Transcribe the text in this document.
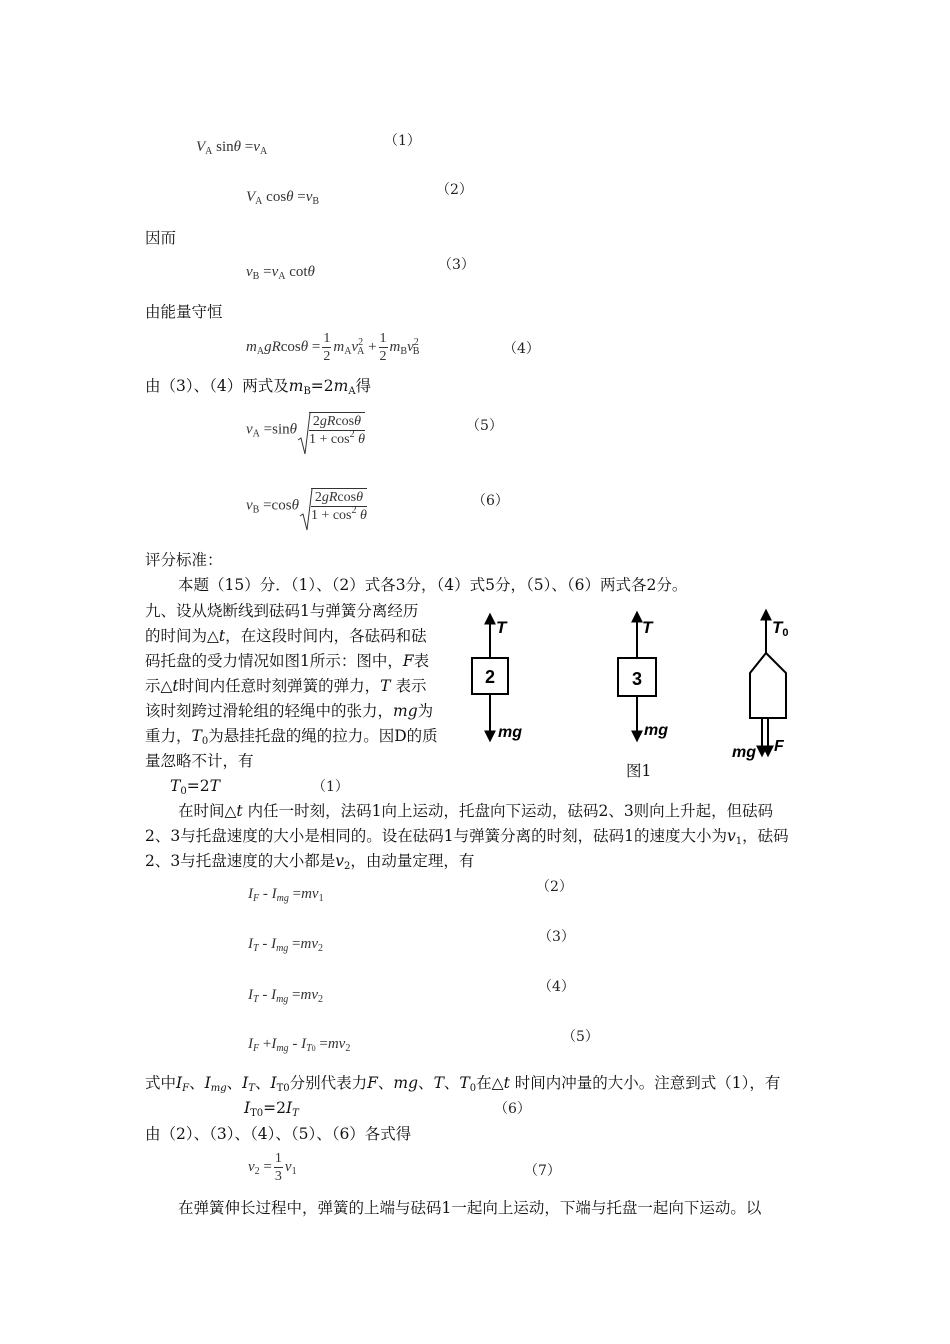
$V_A$ $\sin\theta =v_A$
（1）
$V_A$ $\cos\theta =v_B$
（2）
因而
$v_B =v_A$ cotθ	（3）
由能量守恒
$m_AgRcos\theta = \frac{1}{2} m_Av^2_A + \frac{1}{2} m_Bv^2_B$	（4）
由（3）、（4）两式及$m_B=2m_A$得
$v_A =\sin\theta \frac{2gRcos\theta}{1 + \cos^2 \theta}$	（5）
$v_B =\cos\theta \frac{2gRcos\theta}{1 + \cos^2 \theta}$	（6）
评分标准：
本题（15）分．（1）、（2）式各3分，（4）式5分，（5）、（6）两式各2分。
九、设从烧断线到砝码1与弹簧分离经历
的时间为△t，在这段时间内，各砝码和砝
码托盘的受力情况如图1所示：图中，F表
示△t时间内任意时刻弹簧的弹力，T 表示
该时刻跨过滑轮组的轻绳中的张力，mg为
重力，$T_0$为悬挂托盘的绳的拉力。因D的质
量忽略不计，有
$T_0=2T$	（1）
2
T
mg
3
T
mg
T0
mg F
图1
在时间△t 内任一时刻，法码1向上运动，托盘向下运动，砝码2、3则向上升起，但砝码
2、3与托盘速度的大小是相同的。设在砝码1与弹簧分离的时刻，砝码1的速度大小为$v_1$，砝码
2、3与托盘速度的大小都是$v_2$，由动量定理，有
$I_F - I_{mg} =mv_1$
（2）
$I_T - I_{mg} =mv_2$
（3）
$I_T - I_{mg} =mv_2$
（4）
$I_F +I_{mg} - I_{T0} =mv_2$
（5）
式中$I_F$、$I_{mg}$、$I_T$、$I_{T0}$分别代表力F、mg、T、$T_0$在△t 时间内冲量的大小。注意到式（1），有
$I_{T0}=2I_T$	（6）
由（2）、（3）、（4）、（5）、（6）各式得
$v_2 = \frac{1}{3} v_1$	（7）
在弹簧伸长过程中，弹簧的上端与砝码1一起向上运动，下端与托盘一起向下运动。以
